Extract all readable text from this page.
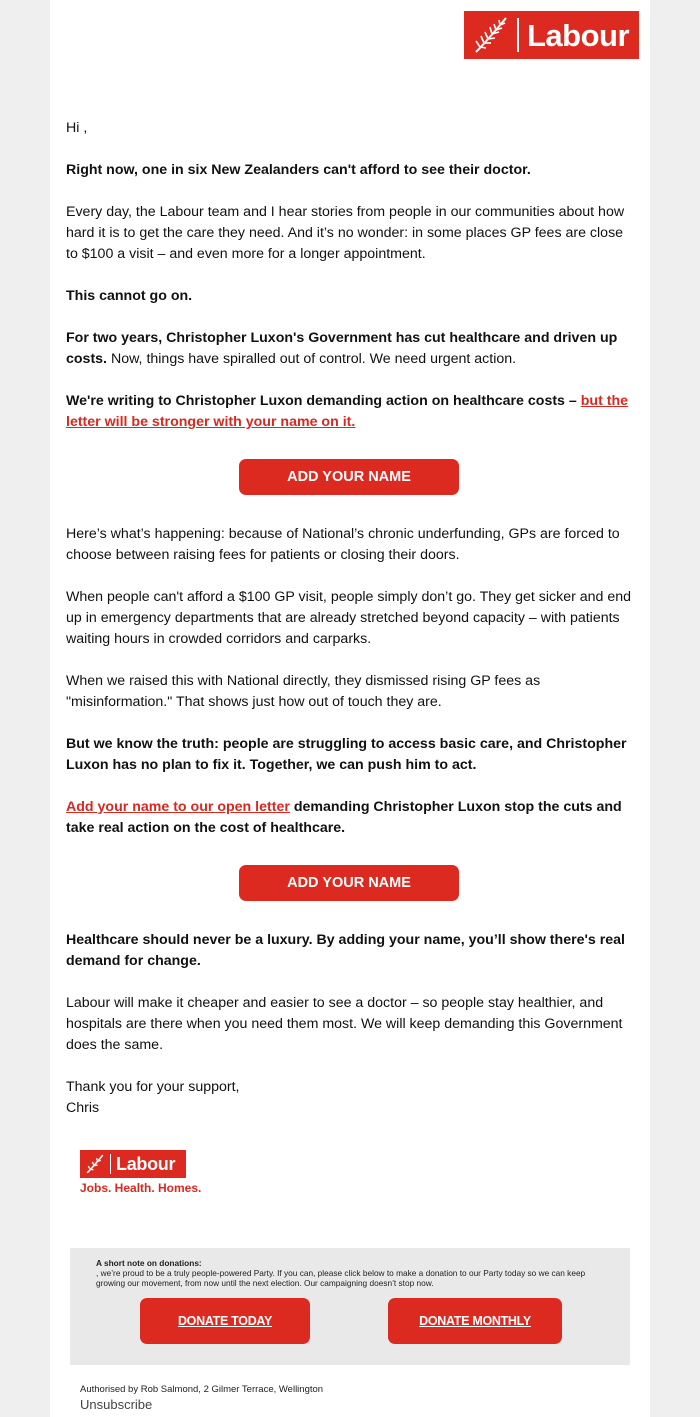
Labour

Hi ,

Right now, one in six New Zealanders can't afford to see their doctor.

Every day, the Labour team and I hear stories from people in our communities about how hard it is to get the care they need. And it’s no wonder: in some places GP fees are close to $100 a visit – and even more for a longer appointment.

This cannot go on.

For two years, Christopher Luxon's Government has cut healthcare and driven up costs. Now, things have spiralled out of control. We need urgent action.

We're writing to Christopher Luxon demanding action on healthcare costs – but the letter will be stronger with your name on it.

ADD YOUR NAME

Here’s what’s happening: because of National’s chronic underfunding, GPs are forced to choose between raising fees for patients or closing their doors.

When people can't afford a $100 GP visit, people simply don’t go. They get sicker and end up in emergency departments that are already stretched beyond capacity – with patients waiting hours in crowded corridors and carparks.

When we raised this with National directly, they dismissed rising GP fees as "misinformation." That shows just how out of touch they are.

But we know the truth: people are struggling to access basic care, and Christopher Luxon has no plan to fix it. Together, we can push him to act.

Add your name to our open letter demanding Christopher Luxon stop the cuts and take real action on the cost of healthcare.

ADD YOUR NAME

Healthcare should never be a luxury. By adding your name, you’ll show there's real demand for change.

Labour will make it cheaper and easier to see a doctor – so people stay healthier, and hospitals are there when you need them most. We will keep demanding this Government does the same.

Thank you for your support,

Chris

Labour
Jobs. Health. Homes.
A short note on donations:
, we’re proud to be a truly people-powered Party. If you can, please click below to make a donation to our Party today so we can keep growing our movement, from now until the next election. Our campaigning doesn’t stop now.
DONATE TODAY	DONATE MONTHLY
Authorised by Rob Salmond, 2 Gilmer Terrace, Wellington
Unsubscribe
